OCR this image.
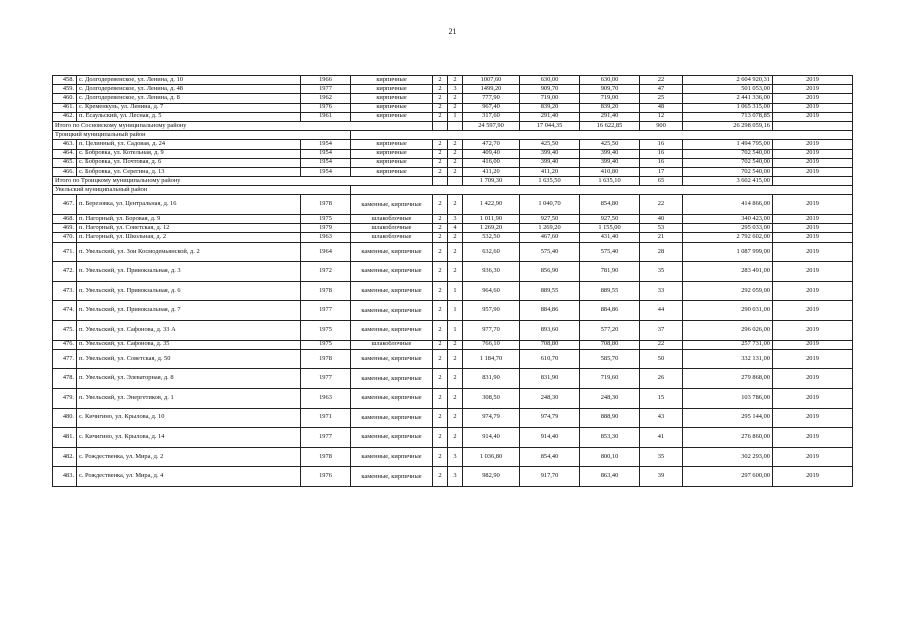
21
458.	с. Долгодеревенское, ул. Ленина, д. 10	1966	кирпичные	2	2	1007,60	630,00	630,00	22	2 604 920,31	2019
459.	с. Долгодеревенское, ул. Ленина, д. 48	1977	кирпичные	2	3	1499,20	909,70	909,70	47	501 053,00	2019
460.	с. Долгодеревенское, ул. Ленина, д. 8	1962	кирпичные	2	2	777,90	719,00	719,00	25	2 441 336,00	2019
461.	с. Кременкуль, ул. Ленина, д. 7	1976	кирпичные	2	2	967,40	839,20	839,20	48	1 065 315,00	2019
462.	п. Есаульский, ул. Лесная, д. 5	1961	кирпичные	2	1	317,60	291,40	291,40	12	713 078,85	2019
Итого по Сосновскому муниципальному району						24 597,90	17 044,35	16 622,85	900	26 298 059,16	
Троицкий муниципальный район											
463.	п. Целинный, ул. Садовая, д. 24	1954	кирпичные	2	2	472,70	425,50	425,50	16	1 494 795,00	2019
464.	с. Бобровка, ул. Котельная, д. 9	1954	кирпичные	2	2	409,40	399,40	399,40	16	702 540,00	2019
465.	с. Бобровка, ул. Почтовая, д. 6	1954	кирпичные	2	2	416,00	399,40	399,40	16	702 540,00	2019
466.	с. Бобровка, ул. Серегина, д. 13	1954	кирпичные	2	2	411,20	411,20	410,80	17	702 540,00	2019
Итого по Троицкому муниципальному району						1 709,30	1 635,50	1 635,10	65	3 602 415,00	
Увельский муниципальный район											
467.	п. Березовка, ул. Центральная, д. 16	1978	каменные, кирпичные	2	2	1 422,90	1 040,70	854,80	22	414 866,00	2019
468.	п. Нагорный, ул. Боровая, д. 9	1975	шлакоблочные	2	3	1 011,90	927,50	927,50	40	340 423,00	2019
469.	п. Нагорный, ул. Советская, д. 12	1979	шлакоблочные	2	4	1 269,20	1 269,20	1 155,00	53	295 033,00	2019
470.	п. Нагорный, ул. Школьная, д. 2	1963	шлакоблочные	2	2	532,50	467,60	431,40	21	2 792 602,00	2019
471.	п. Увельский, ул. Зои Космодемьянской, д. 2	1964	каменные, кирпичные	2	2	632,60	575,40	575,40	28	1 087 999,00	2019
472.	п. Увельский, ул. Привокзальная, д. 3	1972	каменные, кирпичные	2	2	936,30	856,90	781,90	35	283 491,00	2019
473.	п. Увельский, ул. Привокзальная, д. 6	1978	каменные, кирпичные	2	1	964,60	889,55	889,55	33	292 059,00	2019
474.	п. Увельский, ул. Привокзальная, д. 7	1977	каменные, кирпичные	2	1	957,90	884,86	884,86	44	290 031,00	2019
475.	п. Увельский, ул. Сафонова, д. 33 А	1975	каменные, кирпичные	2	1	977,70	893,60	577,20	37	296 026,00	2019
476.	п. Увельский, ул. Сафонова, д. 35	1975	шлакоблочные	2	2	766,10	708,80	708,80	22	257 731,00	2019
477.	п. Увельский, ул. Советская, д. 50	1978	каменные, кирпичные	2	2	1 184,70	610,70	585,70	50	332 131,00	2019
478.	п. Увельский, ул. Элеваторная, д. 8	1977	каменные, кирпичные	2	2	831,90	831,90	719,60	26	279 868,00	2019
479.	п. Увельский, ул. Энергетиков, д. 1	1963	каменные, кирпичные	2	2	308,50	248,30	248,30	15	103 786,00	2019
480.	с. Кичигино, ул. Крылова, д. 10	1971	каменные, кирпичные	2	2	974,79	974,79	888,90	43	295 144,00	2019
481.	с. Кичигино, ул. Крылова, д. 14	1977	каменные, кирпичные	2	2	914,40	914,40	853,30	41	276 860,00	2019
482.	с. Рождественка, ул. Мира, д. 2	1978	каменные, кирпичные	2	3	1 036,80	854,40	800,10	35	302 293,00	2019
483.	с. Рождественка, ул. Мира, д. 4	1976	каменные, кирпичные	2	3	982,90	917,70	863,40	39	297 600,00	2019
